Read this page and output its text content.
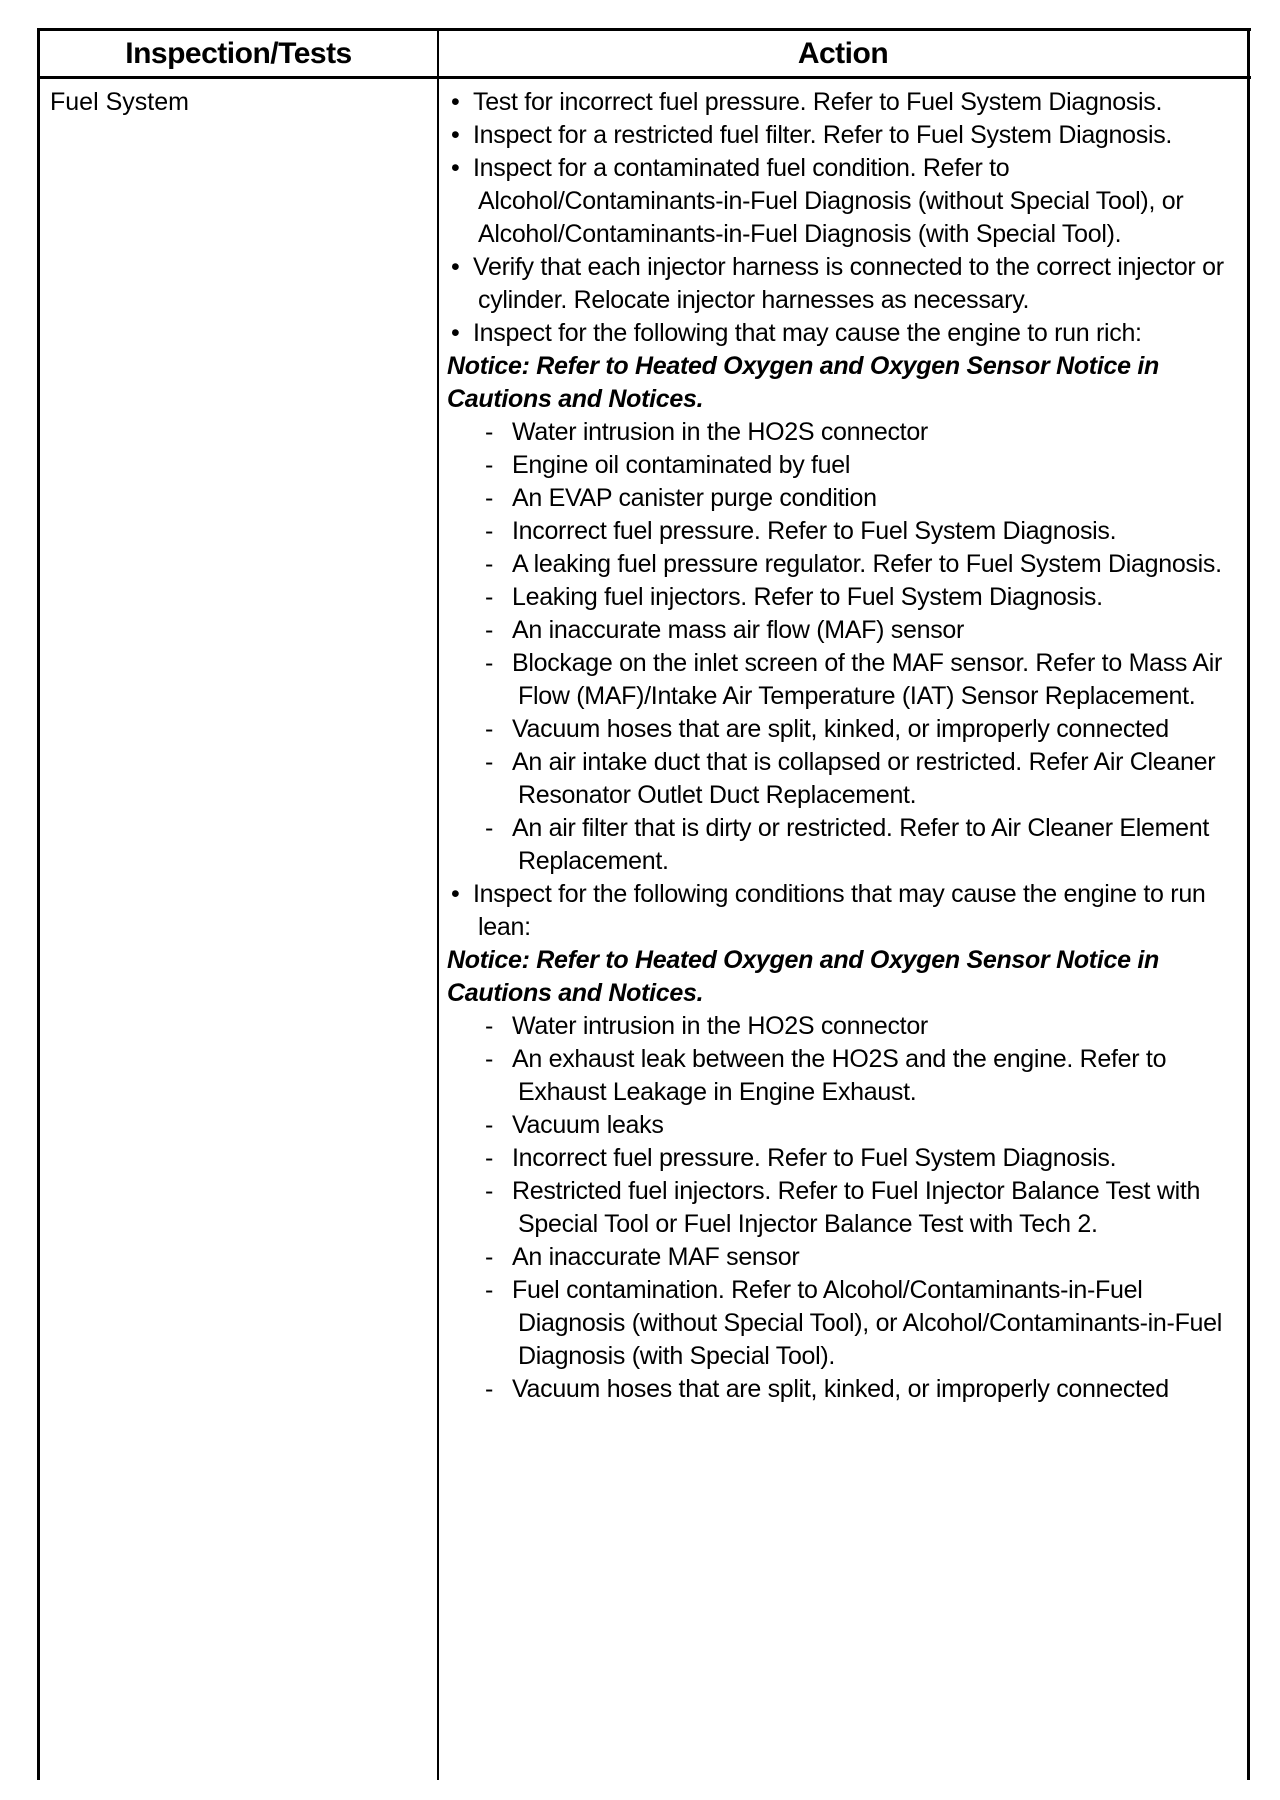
Inspection/Tests	Action
Fuel System
•	Test for incorrect fuel pressure. Refer to Fuel System Diagnosis.
• Inspect for a restricted fuel filter. Refer to Fuel System Diagnosis.
• Inspect for a contaminated fuel condition. Refer to Alcohol/Contaminants-in-Fuel Diagnosis (without Special Tool), or Alcohol/Contaminants-in-Fuel Diagnosis (with Special Tool).
• Verify that each injector harness is connected to the correct injector or cylinder. Relocate injector harnesses as necessary.
• Inspect for the following that may cause the engine to run rich:
Notice: Refer to Heated Oxygen and Oxygen Sensor Notice in Cautions and Notices.
- Water intrusion in the HO2S connector
- Engine oil contaminated by fuel
- An EVAP canister purge condition
- Incorrect fuel pressure. Refer to Fuel System Diagnosis.
- A leaking fuel pressure regulator. Refer to Fuel System Diagnosis.
- Leaking fuel injectors. Refer to Fuel System Diagnosis.
- An inaccurate mass air flow (MAF) sensor
- Blockage on the inlet screen of the MAF sensor. Refer to Mass Air Flow (MAF)/Intake Air Temperature (IAT) Sensor Replacement.
- Vacuum hoses that are split, kinked, or improperly connected
- An air intake duct that is collapsed or restricted. Refer Air Cleaner Resonator Outlet Duct Replacement.
- An air filter that is dirty or restricted. Refer to Air Cleaner Element Replacement.
• Inspect for the following conditions that may cause the engine to run lean:
Notice: Refer to Heated Oxygen and Oxygen Sensor Notice in Cautions and Notices.
- Water intrusion in the HO2S connector
- An exhaust leak between the HO2S and the engine. Refer to Exhaust Leakage in Engine Exhaust.
- Vacuum leaks
- Incorrect fuel pressure. Refer to Fuel System Diagnosis.
- Restricted fuel injectors. Refer to Fuel Injector Balance Test with Special Tool or Fuel Injector Balance Test with Tech 2.
- An inaccurate MAF sensor
- Fuel contamination. Refer to Alcohol/Contaminants-in-Fuel Diagnosis (without Special Tool), or Alcohol/Contaminants-in-Fuel Diagnosis (with Special Tool).
- Vacuum hoses that are split, kinked, or improperly connected
